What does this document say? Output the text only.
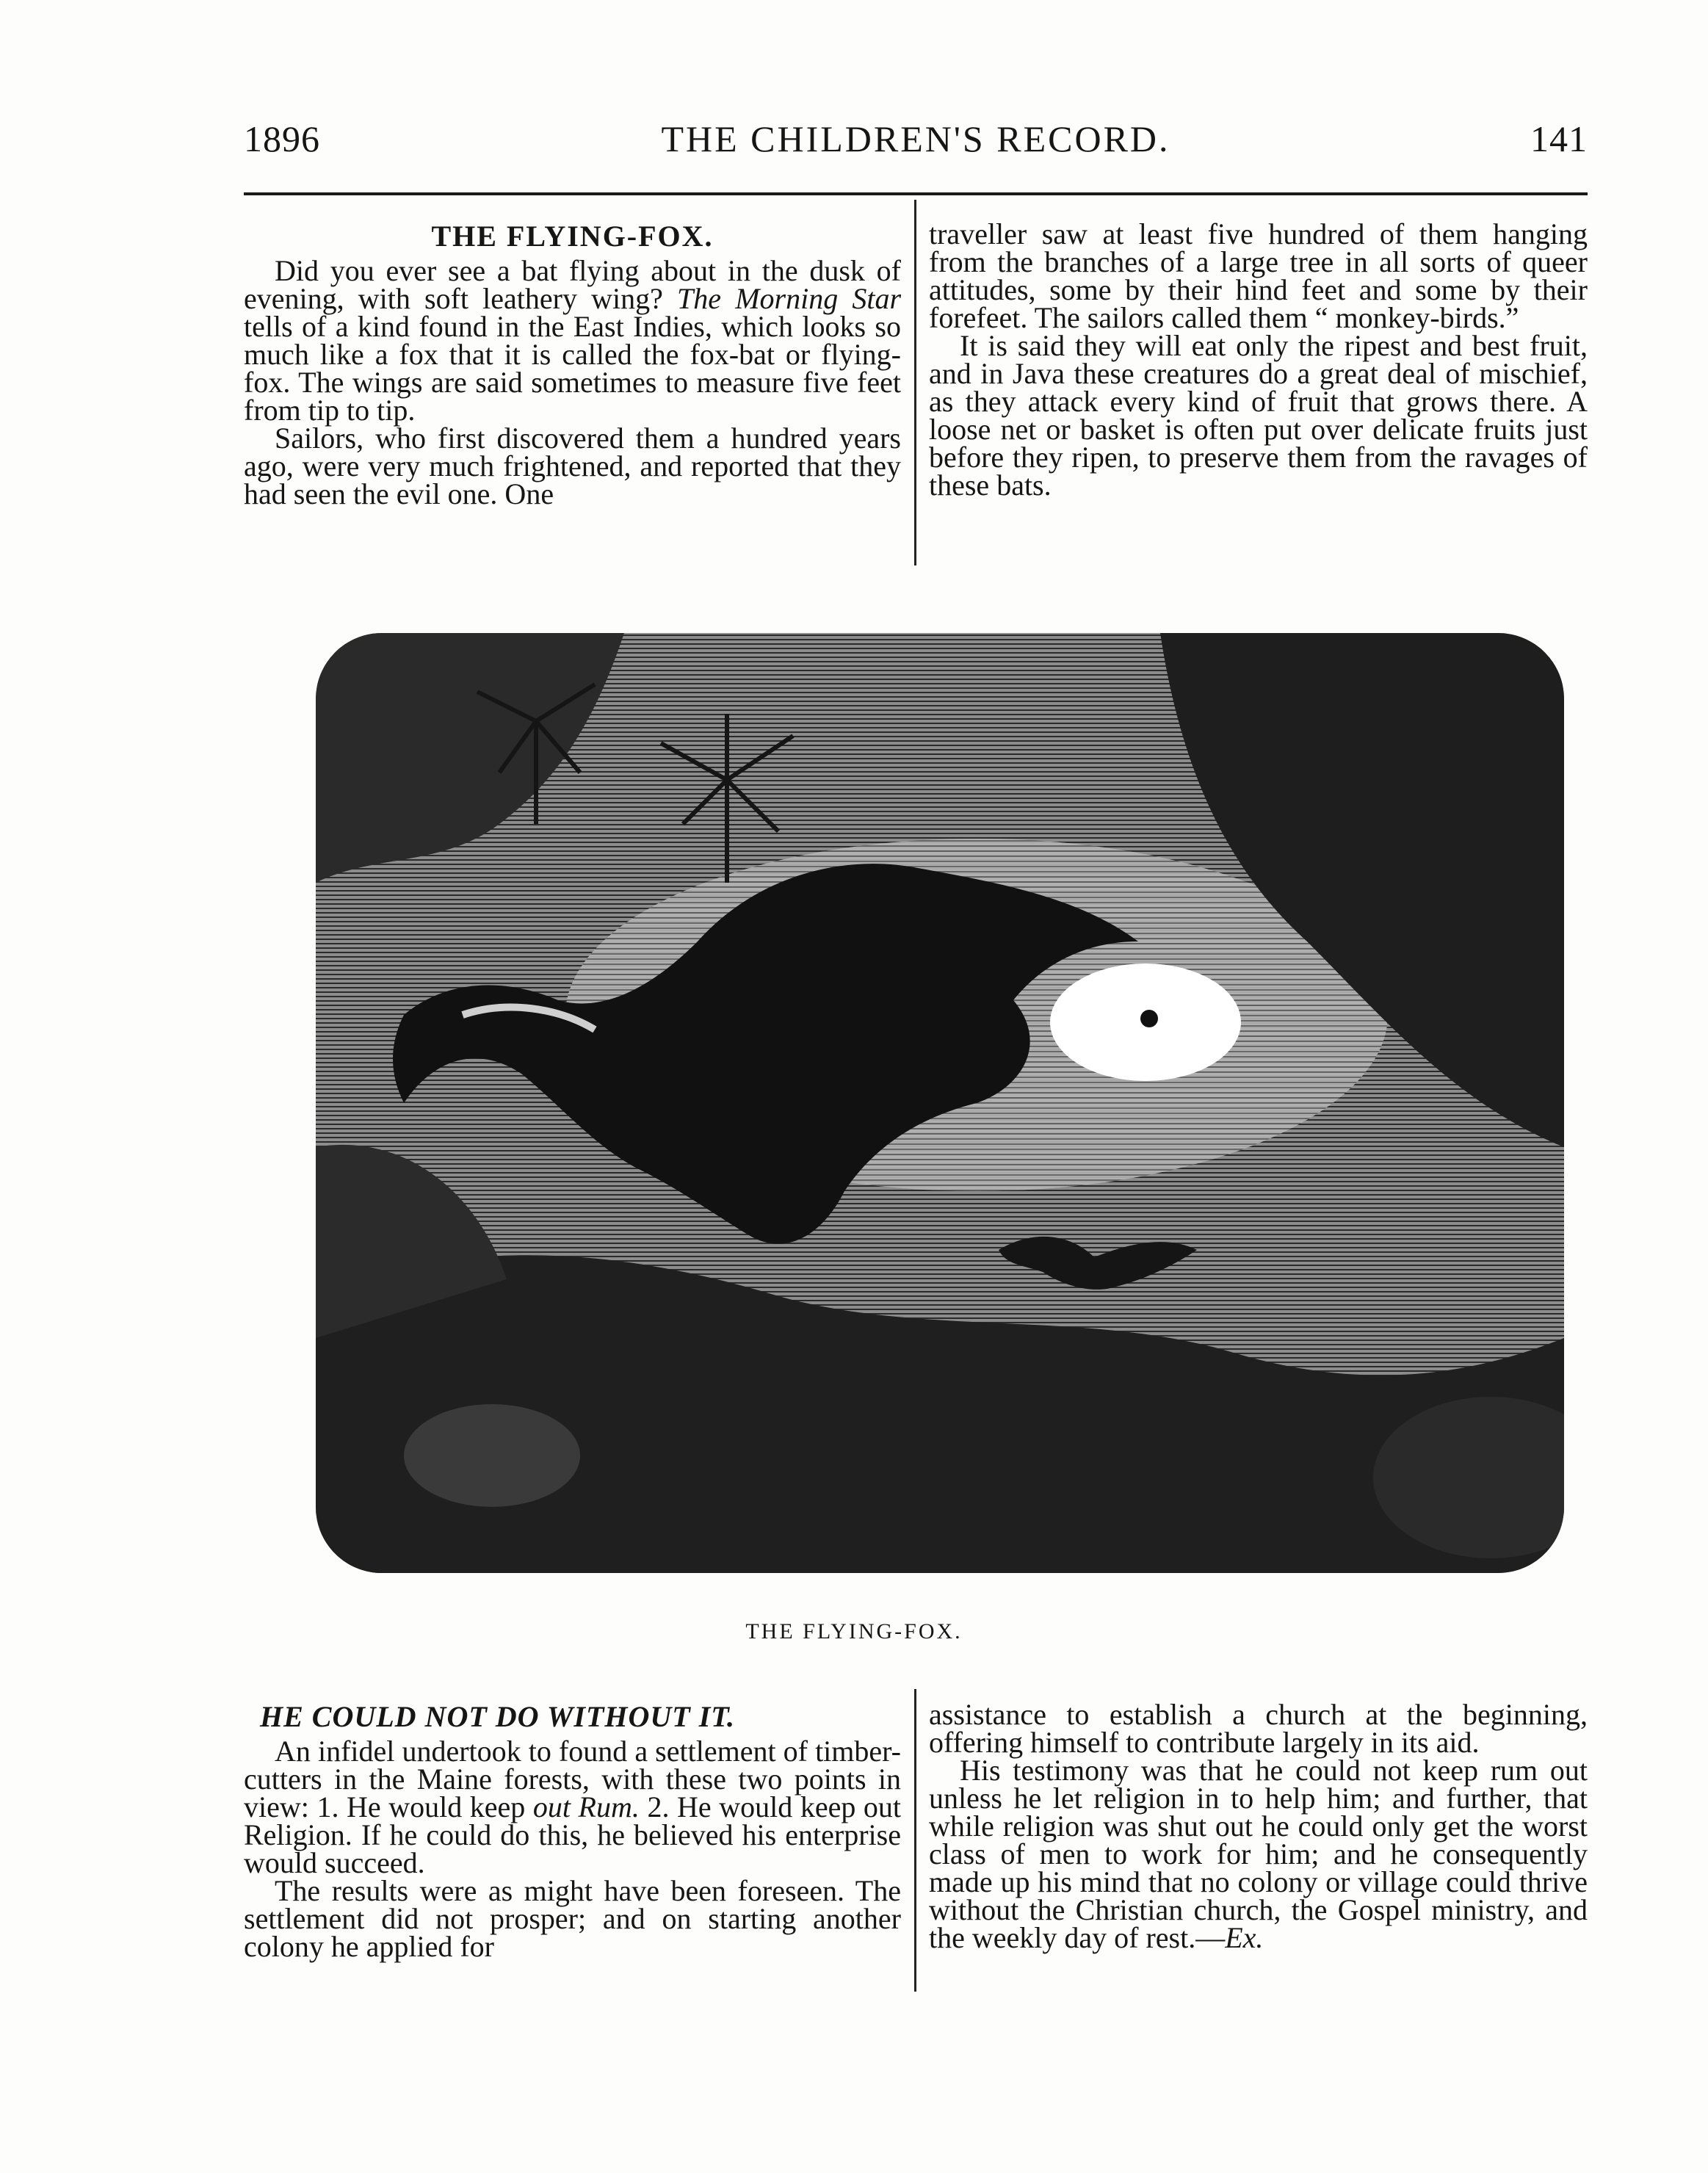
1896	THE CHILDREN'S RECORD.	141
THE FLYING-FOX.

Did you ever see a bat flying about in the dusk of evening, with soft leathery wing? The Morning Star tells of a kind found in the East Indies, which looks so much like a fox that it is called the fox-bat or flying-fox. The wings are said sometimes to measure five feet from tip to tip.

Sailors, who first discovered them a hundred years ago, were very much frightened, and reported that they had seen the evil one. One

traveller saw at least five hundred of them hanging from the branches of a large tree in all sorts of queer attitudes, some by their hind feet and some by their forefeet. The sailors called them “ monkey-birds.”

It is said they will eat only the ripest and best fruit, and in Java these creatures do a great deal of mischief, as they attack every kind of fruit that grows there. A loose net or basket is often put over delicate fruits just before they ripen, to preserve them from the ravages of these bats.

THE FLYING-FOX.
HE COULD NOT DO WITHOUT IT.

An infidel undertook to found a settlement of timber-cutters in the Maine forests, with these two points in view: 1. He would keep out Rum. 2. He would keep out Religion. If he could do this, he believed his enterprise would succeed.

The results were as might have been foreseen. The settlement did not prosper; and on starting another colony he applied for

assistance to establish a church at the beginning, offering himself to contribute largely in its aid.

His testimony was that he could not keep rum out unless he let religion in to help him; and further, that while religion was shut out he could only get the worst class of men to work for him; and he consequently made up his mind that no colony or village could thrive without the Christian church, the Gospel ministry, and the weekly day of rest.—Ex.
